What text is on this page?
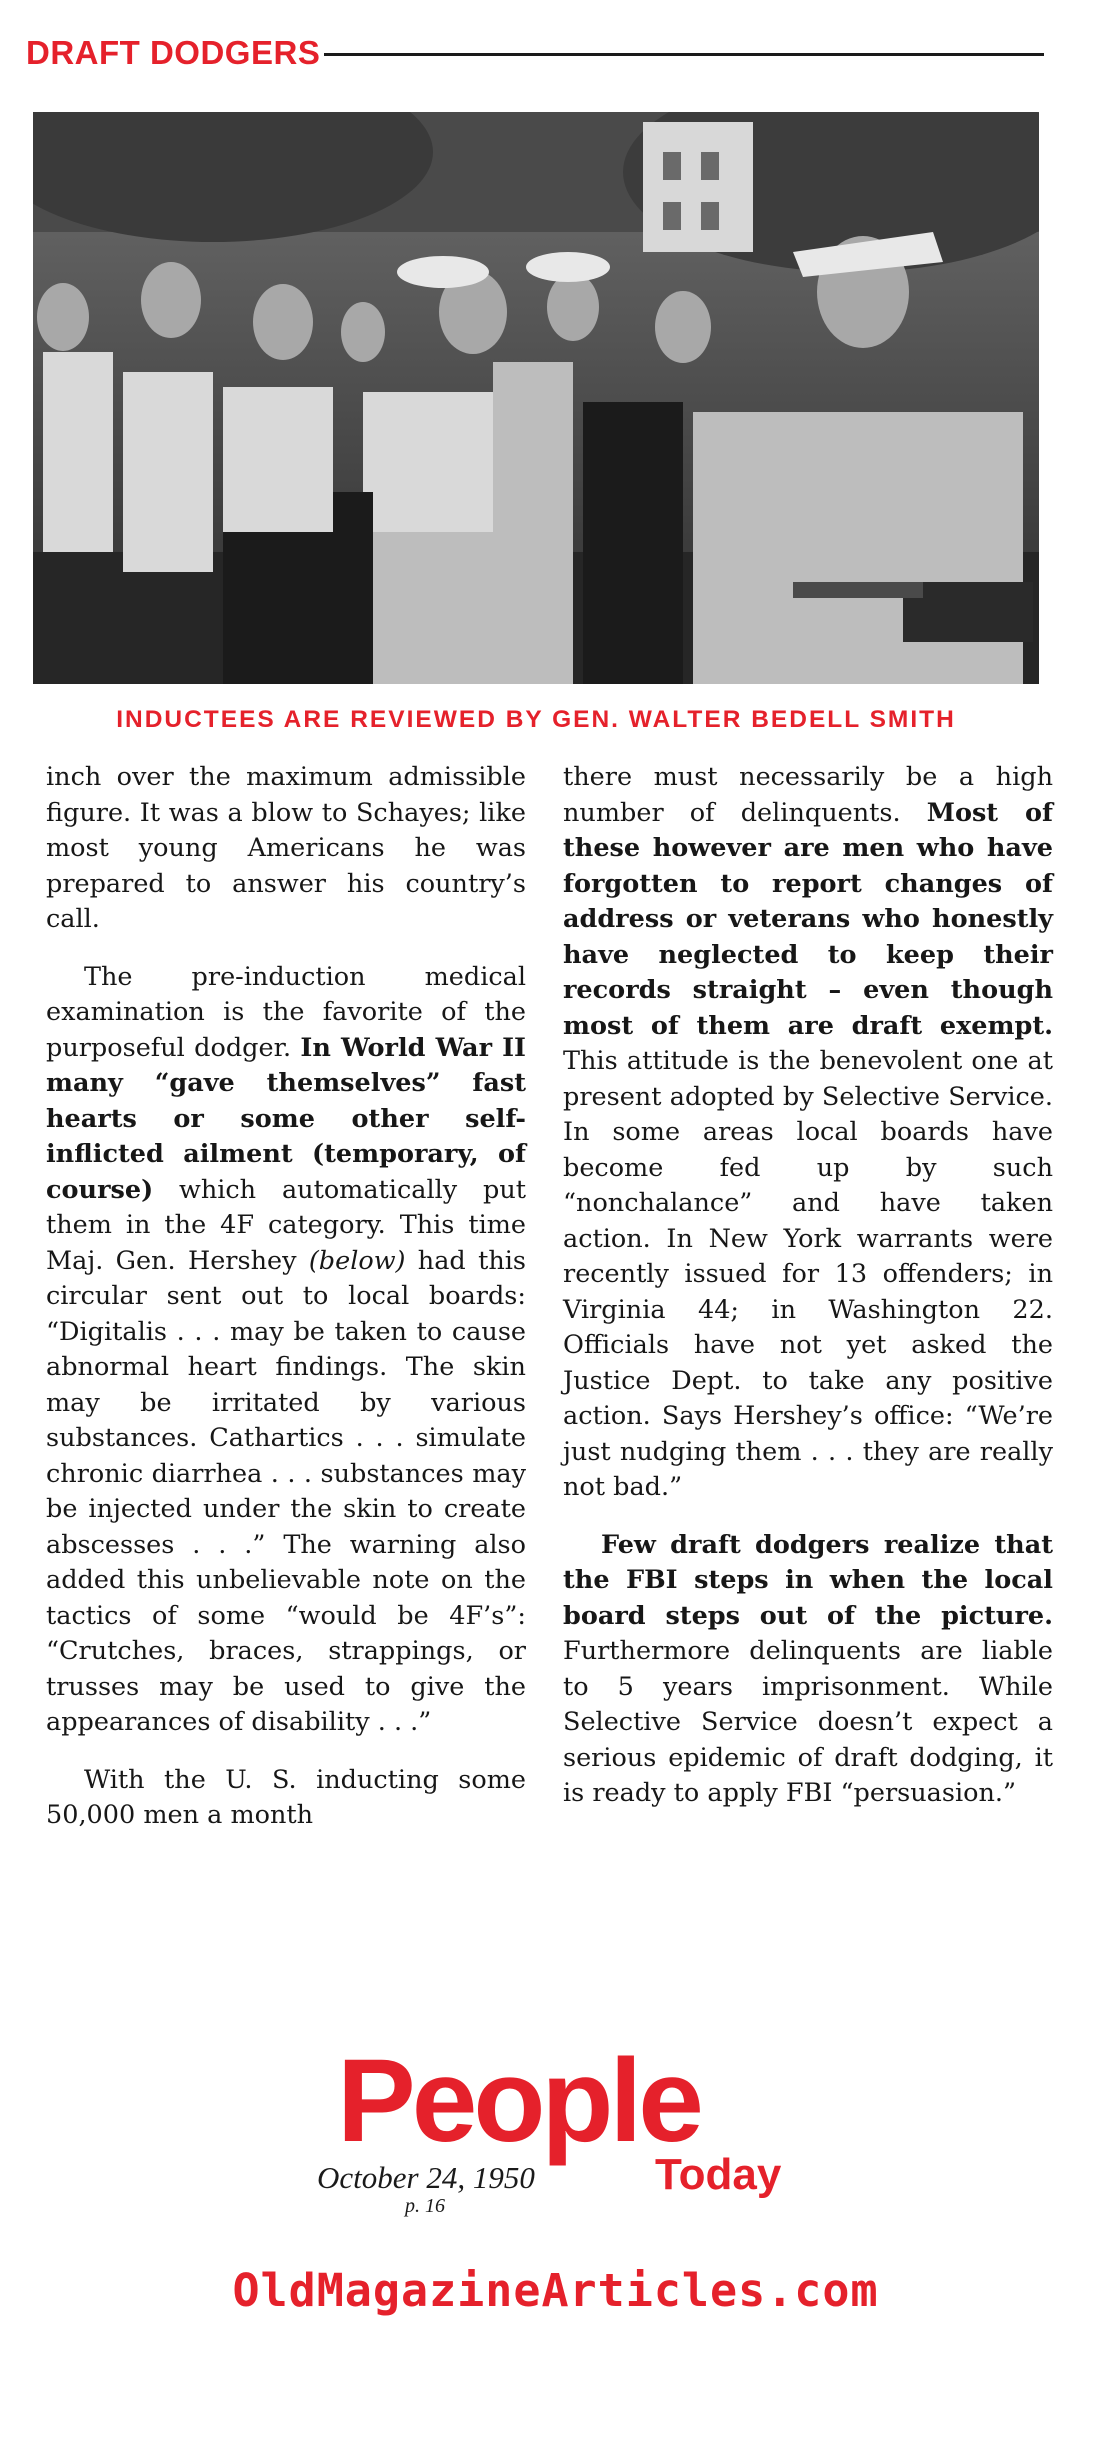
DRAFT DODGERS
INDUCTEES ARE REVIEWED BY GEN. WALTER BEDELL SMITH

inch over the maximum admissible figure. It was a blow to Schayes; like most young Americans he was prepared to answer his country’s call.

The pre-induction medical examination is the favorite of the purposeful dodger. In World War II many “gave themselves” fast hearts or some other self-inflicted ailment (temporary, of course) which automatically put them in the 4F category. This time Maj. Gen. Hershey (below) had this circular sent out to local boards: “Digitalis . . . may be taken to cause abnormal heart findings. The skin may be irritated by various substances. Cathartics . . . simulate chronic diarrhea . . . substances may be injected under the skin to create abscesses . . .” The warning also added this unbelievable note on the tactics of some “would be 4F’s”: “Crutches, braces, strappings, or trusses may be used to give the appearances of disability . . .”

With the U. S. inducting some 50,000 men a month

there must necessarily be a high number of delinquents. Most of these however are men who have forgotten to report changes of address or veterans who honestly have neglected to keep their records straight – even though most of them are draft exempt. This attitude is the benevolent one at present adopted by Selective Service. In some areas local boards have become fed up by such “nonchalance” and have taken action. In New York warrants were recently issued for 13 offenders; in Virginia 44; in Washington 22. Officials have not yet asked the Justice Dept. to take any positive action. Says Hershey’s office: “We’re just nudging them . . . they are really not bad.”

Few draft dodgers realize that the FBI steps in when the local board steps out of the picture. Furthermore delinquents are liable to 5 years imprisonment. While Selective Service doesn’t expect a serious epidemic of draft dodging, it is ready to apply FBI “persuasion.”

People
October 24, 1950	Today
p. 16
OldMagazineArticles.com
